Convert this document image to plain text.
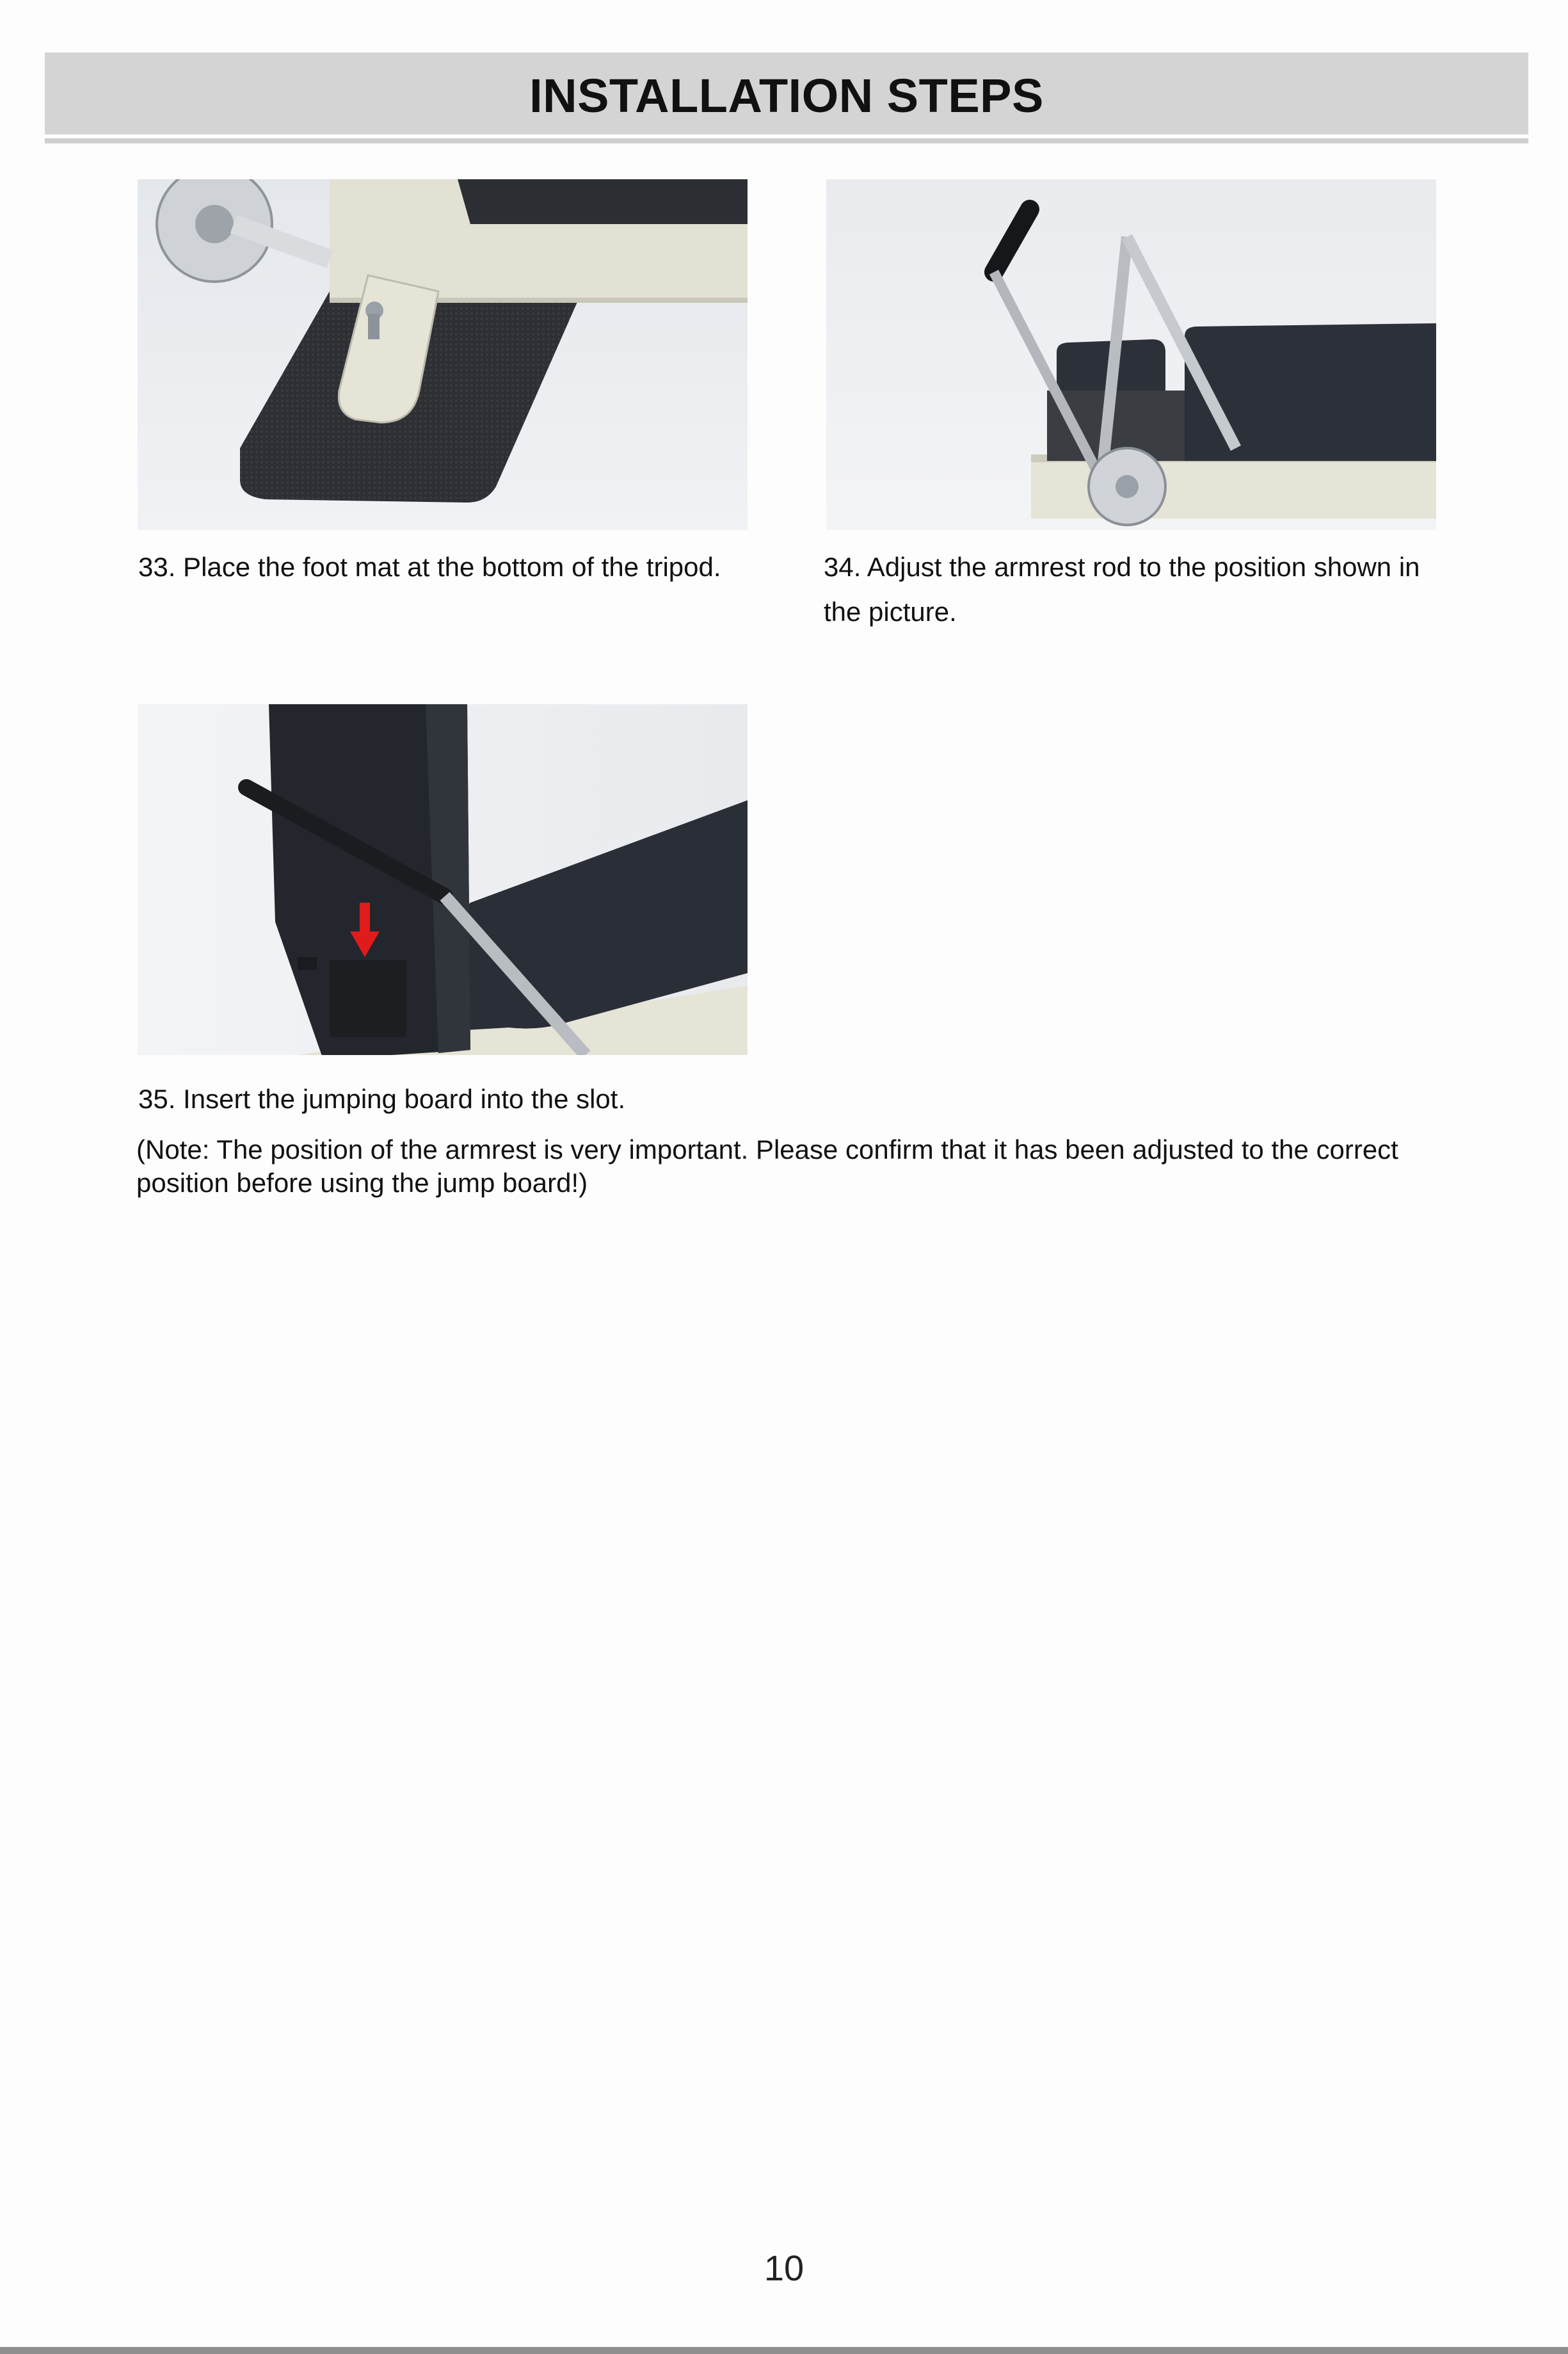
INSTALLATION STEPS
33. Place the foot mat at the bottom of the tripod.	34. Adjust the armrest rod to the position shown in the picture.
35. Insert the jumping board into the slot.
(Note: The position of the armrest is very important. Please confirm that it has been adjusted to the correct position before using the jump board!)
10
